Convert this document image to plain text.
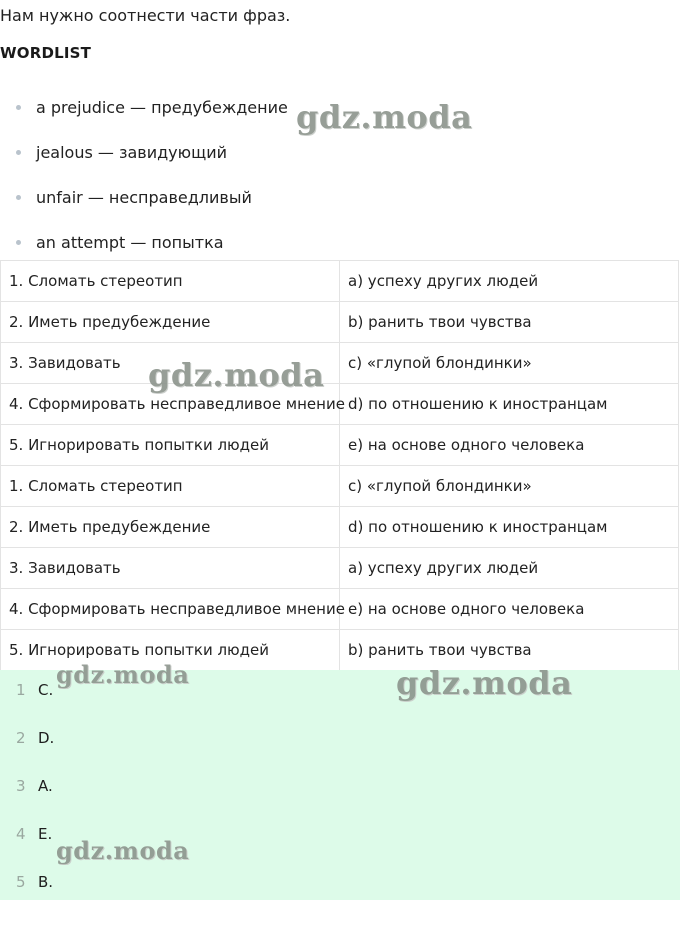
Нам нужно соотнести части фраз.
WORDLIST
a prejudice — предубеждение
jealous — завидующий
unfair — несправедливый
an attempt — попытка
1. Сломать стереотип	a) успеху других людей
2. Иметь предубеждение	b) ранить твои чувства
3. Завидовать	c) «глупой блондинки»
4. Сформировать несправедливое мнение	d) по отношению к иностранцам
5. Игнорировать попытки людей	e) на основе одного человека
1. Сломать стереотип	c) «глупой блондинки»
2. Иметь предубеждение	d) по отношению к иностранцам
3. Завидовать	a) успеху других людей
4. Сформировать несправедливое мнение	e) на основе одного человека
5. Игнорировать попытки людей	b) ранить твои чувства
1 C.
2 D.
3 A.
4 E.
5 B.
gdz.moda
gdz.moda
gdz.moda	gdz.moda
gdz.moda
